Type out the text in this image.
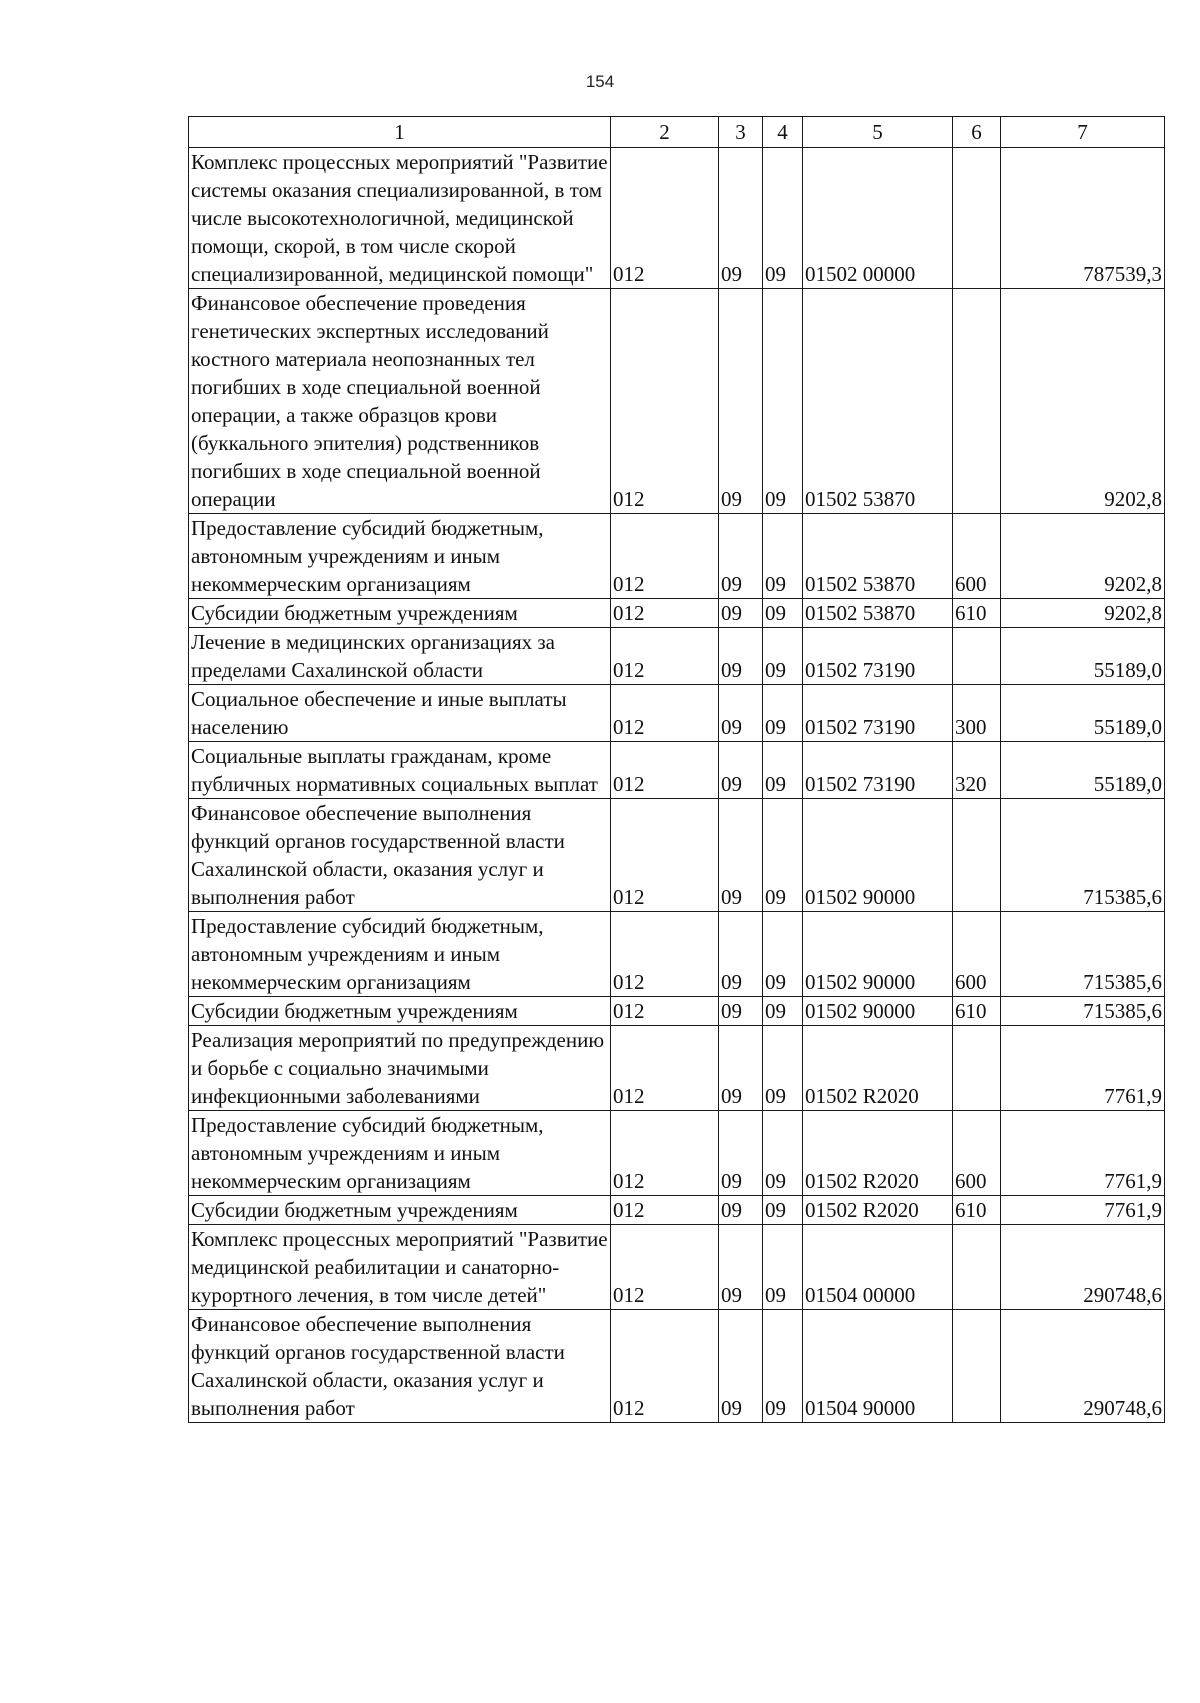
154
1	2	3	4	5	6	7
Комплекс процессных мероприятий "Развитие системы оказания специализированной, в том числе высокотехнологичной, медицинской помощи, скорой, в том числе скорой специализированной, медицинской помощи"	012	09	09	01502 00000		787539,3
Финансовое обеспечение проведения генетических экспертных исследований костного материала неопознанных тел погибших в ходе специальной военной операции, а также образцов крови (буккального эпителия) родственников погибших в ходе специальной военной операции	012	09	09	01502 53870		9202,8
Предоставление субсидий бюджетным, автономным учреждениям и иным некоммерческим организациям	012	09	09	01502 53870	600	9202,8
Субсидии бюджетным учреждениям	012	09	09	01502 53870	610	9202,8
Лечение в медицинских организациях за пределами Сахалинской области	012	09	09	01502 73190		55189,0
Социальное обеспечение и иные выплаты населению	012	09	09	01502 73190	300	55189,0
Социальные выплаты гражданам, кроме публичных нормативных социальных выплат	012	09	09	01502 73190	320	55189,0
Финансовое обеспечение выполнения функций органов государственной власти Сахалинской области, оказания услуг и выполнения работ	012	09	09	01502 90000		715385,6
Предоставление субсидий бюджетным, автономным учреждениям и иным некоммерческим организациям	012	09	09	01502 90000	600	715385,6
Субсидии бюджетным учреждениям	012	09	09	01502 90000	610	715385,6
Реализация мероприятий по предупреждению и борьбе с социально значимыми инфекционными заболеваниями	012	09	09	01502 R2020		7761,9
Предоставление субсидий бюджетным, автономным учреждениям и иным некоммерческим организациям	012	09	09	01502 R2020	600	7761,9
Субсидии бюджетным учреждениям	012	09	09	01502 R2020	610	7761,9
Комплекс процессных мероприятий "Развитие медицинской реабилитации и санаторно-курортного лечения, в том числе детей"	012	09	09	01504 00000		290748,6
Финансовое обеспечение выполнения функций органов государственной власти Сахалинской области, оказания услуг и выполнения работ	012	09	09	01504 90000		290748,6
